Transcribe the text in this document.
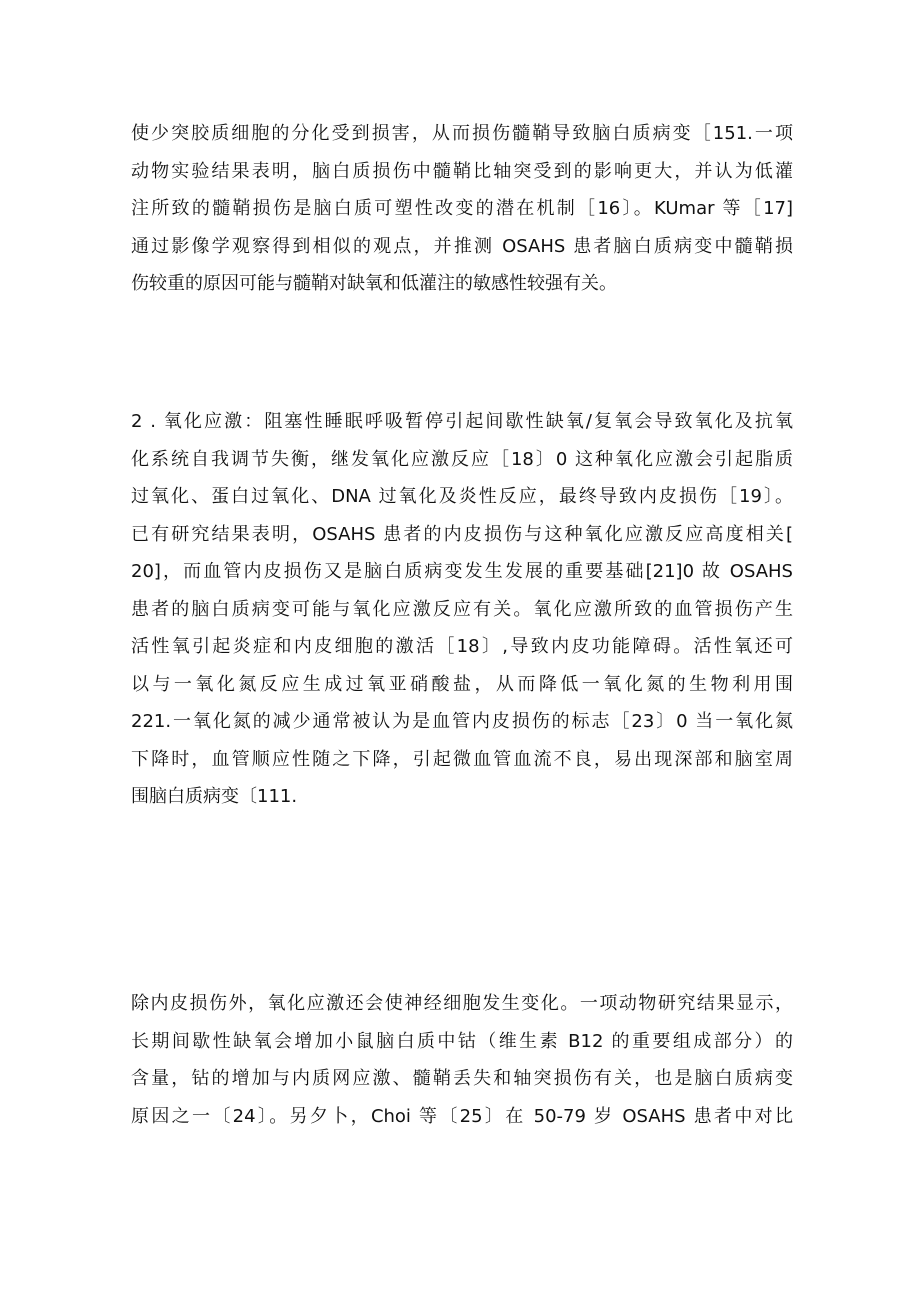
使少突胶质细胞的分化受到损害，从而损伤髓鞘导致脑白质病变［151.一项
动物实验结果表明，脑白质损伤中髓鞘比轴突受到的影响更大，并认为低灌
注所致的髓鞘损伤是脑白质可塑性改变的潜在机制［16〕。KUmar 等［17]
通过影像学观察得到相似的观点，并推测 OSAHS 患者脑白质病变中髓鞘损
伤较重的原因可能与髓鞘对缺氧和低灌注的敏感性较强有关。
2 . 氧化应激：阻塞性睡眠呼吸暂停引起间歇性缺氧/复氧会导致氧化及抗氧
化系统自我调节失衡，继发氧化应激反应［18〕0 这种氧化应激会引起脂质
过氧化、蛋白过氧化、DNA 过氧化及炎性反应，最终导致内皮损伤［19〕。
已有研究结果表明，OSAHS 患者的内皮损伤与这种氧化应激反应高度相关[
20]，而血管内皮损伤又是脑白质病变发生发展的重要基础[21]0 故 OSAHS
患者的脑白质病变可能与氧化应激反应有关。氧化应激所致的血管损伤产生
活性氧引起炎症和内皮细胞的激活［18〕,导致内皮功能障碍。活性氧还可
以与一氧化氮反应生成过氧亚硝酸盐，从而降低一氧化氮的生物利用围
221.一氧化氮的减少通常被认为是血管内皮损伤的标志［23〕0 当一氧化氮
下降时，血管顺应性随之下降，引起微血管血流不良，易出现深部和脑室周
围脑白质病变〔111.
除内皮损伤外，氧化应激还会使神经细胞发生变化。一项动物研究结果显示，
长期间歇性缺氧会增加小鼠脑白质中钴（维生素 B12 的重要组成部分）的
含量，钻的增加与内质网应激、髓鞘丢失和轴突损伤有关，也是脑白质病变
原因之一〔24〕。另夕卜，Choi 等〔25〕在 50-79 岁 OSAHS 患者中对比
